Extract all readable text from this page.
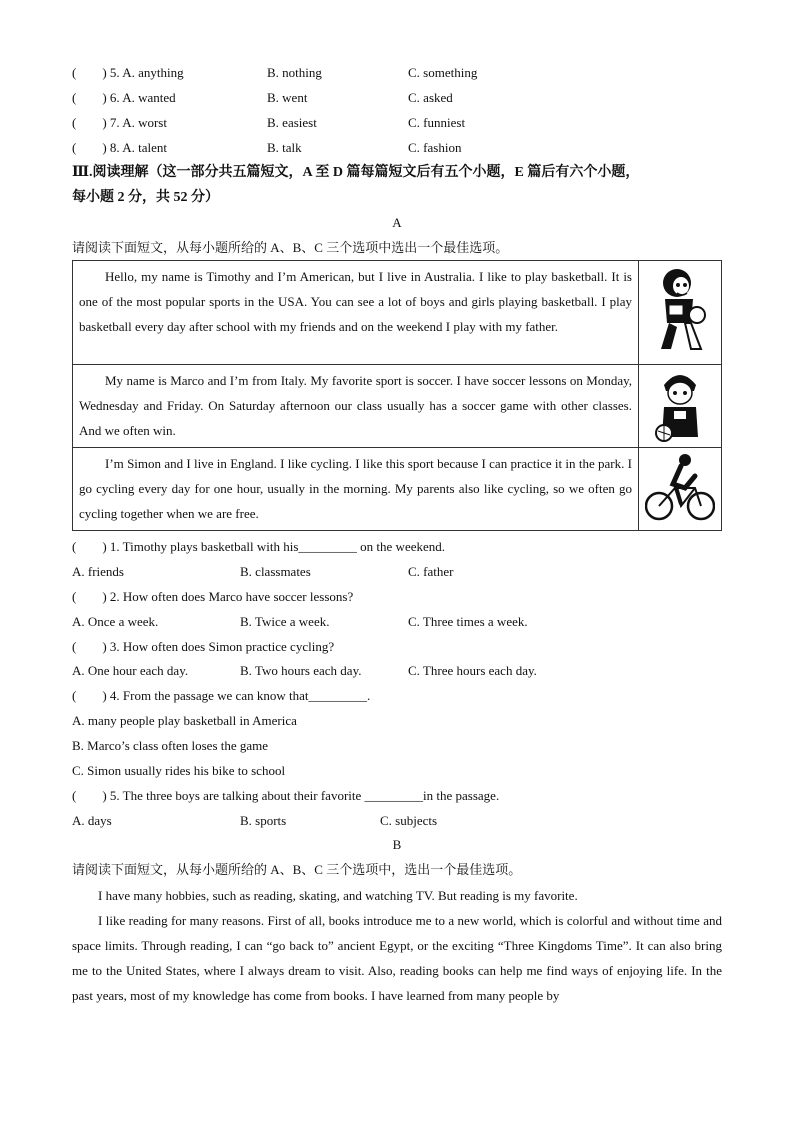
(　　) 5. A. anything	B. nothing	C. something
(　　) 6. A. wanted	B. went	C. asked
(　　) 7. A. worst	B. easiest	C. funniest
(　　) 8. A. talent	B. talk	C. fashion
Ⅲ.阅读理解（这一部分共五篇短文，A 至 D 篇每篇短文后有五个小题，E 篇后有六个小题，
每小题 2 分，共 52 分）
A
请阅读下面短文，从每小题所给的 A、B、C 三个选项中选出一个最佳选项。

Hello, my name is Timothy and I’m American, but I live in Australia. I like to play basketball. It is one of the most popular sports in the USA. You can see a lot of boys and girls playing basketball. I play basketball every day after school with my friends and on the weekend I play with my father.

My name is Marco and I’m from Italy. My favorite sport is soccer. I have soccer lessons on Monday, Wednesday and Friday. On Saturday afternoon our class usually has a soccer game with other classes. And we often win.

I’m Simon and I live in England. I like cycling. I like this sport because I can practice it in the park. I go cycling every day for one hour, usually in the morning. My parents also like cycling, so we often go cycling together when we are free.

(　　) 1. Timothy plays basketball with his_________ on the weekend.
A. friends	B. classmates	C. father
(　　) 2. How often does Marco have soccer lessons?
A. Once a week.	B. Twice a week.	C. Three times a week.
(　　) 3. How often does Simon practice cycling?
A. One hour each day.	B. Two hours each day.	C. Three hours each day.
(　　) 4. From the passage we can know that_________.
A. many people play basketball in America
B. Marco’s class often loses the game
C. Simon usually rides his bike to school
(　　) 5. The three boys are talking about their favorite _________in the passage.
A. days	B. sports	C. subjects
B
请阅读下面短文，从每小题所给的 A、B、C 三个选项中，选出一个最佳选项。

I have many hobbies, such as reading, skating, and watching TV. But reading is my favorite.

I like reading for many reasons. First of all, books introduce me to a new world, which is colorful and without time and space limits. Through reading, I can “go back to” ancient Egypt, or the exciting “Three Kingdoms Time”. It can also bring me to the United States, where I always dream to visit. Also, reading books can help me find ways of enjoying life. In the past years, most of my knowledge has come from books. I have learned from many people by
